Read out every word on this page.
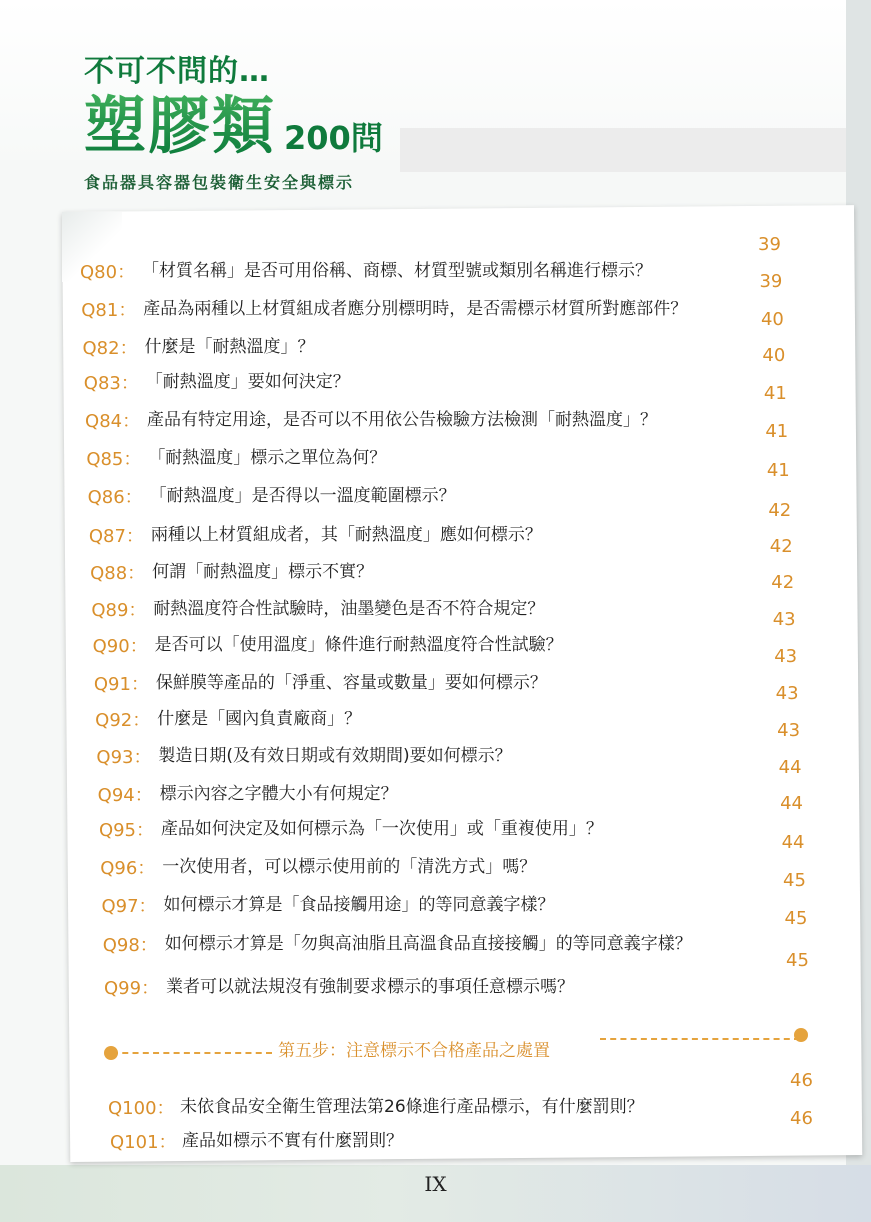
不可不問的…
塑膠類 200問
食品器具容器包裝衛生安全與標示
Q80： 「材質名稱」是否可用俗稱、商標、材質型號或類別名稱進行標示？
39
Q81： 產品為兩種以上材質組成者應分別標明時，是否需標示材質所對應部件？
39
Q82： 什麼是「耐熱溫度」？
40
Q83： 「耐熱溫度」要如何決定？
40
Q84： 產品有特定用途，是否可以不用依公告檢驗方法檢測「耐熱溫度」？
41
Q85： 「耐熱溫度」標示之單位為何？
41
Q86： 「耐熱溫度」是否得以一溫度範圍標示？
41
Q87： 兩種以上材質組成者，其「耐熱溫度」應如何標示？
42
Q88： 何謂「耐熱溫度」標示不實？
42
Q89： 耐熱溫度符合性試驗時，油墨變色是否不符合規定？
42
Q90： 是否可以「使用溫度」條件進行耐熱溫度符合性試驗？
43
Q91： 保鮮膜等產品的「淨重、容量或數量」要如何標示？
43
Q92： 什麼是「國內負責廠商」？
43
Q93： 製造日期(及有效日期或有效期間)要如何標示？
43
Q94： 標示內容之字體大小有何規定？
44
Q95： 產品如何決定及如何標示為「一次使用」或「重複使用」？
44
Q96： 一次使用者，可以標示使用前的「清洗方式」嗎？
44
Q97： 如何標示才算是「食品接觸用途」的等同意義字樣？
45
Q98： 如何標示才算是「勿與高油脂且高溫食品直接接觸」的等同意義字樣？
45
Q99： 業者可以就法規沒有強制要求標示的事項任意標示嗎？
45
第五步：注意標示不合格產品之處置
Q100： 未依食品安全衛生管理法第26條進行產品標示，有什麼罰則？
46
Q101： 產品如標示不實有什麼罰則？
46
IX
